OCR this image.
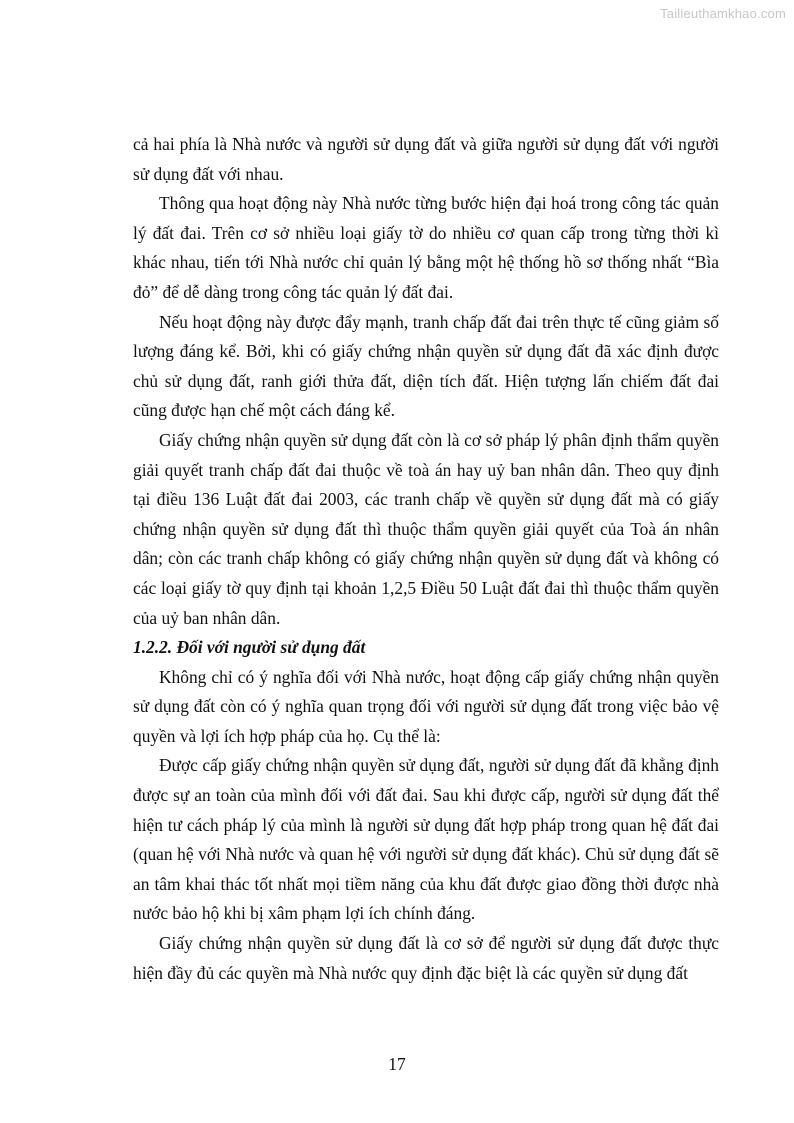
Tailieuthamkhao.com

cả hai phía là Nhà nước và người sử dụng đất và giữa người sử dụng đất với người sử dụng đất với nhau.

Thông qua hoạt động này Nhà nước từng bước hiện đại hoá trong công tác quản lý đất đai. Trên cơ sở nhiều loại giấy tờ do nhiều cơ quan cấp trong từng thời kì khác nhau, tiến tới Nhà nước chỉ quản lý bằng một hệ thống hồ sơ thống nhất “Bìa đỏ” để dễ dàng trong công tác quản lý đất đai.

Nếu hoạt động này được đẩy mạnh, tranh chấp đất đai trên thực tế cũng giảm số lượng đáng kể. Bởi, khi có giấy chứng nhận quyền sử dụng đất đã xác định được chủ sử dụng đất, ranh giới thửa đất, diện tích đất. Hiện tượng lấn chiếm đất đai cũng được hạn chế một cách đáng kể.

Giấy chứng nhận quyền sử dụng đất còn là cơ sở pháp lý phân định thẩm quyền giải quyết tranh chấp đất đai thuộc về toà án hay uỷ ban nhân dân. Theo quy định tại điều 136 Luật đất đai 2003, các tranh chấp về quyền sử dụng đất mà có giấy chứng nhận quyền sử dụng đất thì thuộc thẩm quyền giải quyết của Toà án nhân dân; còn các tranh chấp không có giấy chứng nhận quyền sử dụng đất và không có các loại giấy tờ quy định tại khoản 1,2,5 Điều 50 Luật đất đai thì thuộc thẩm quyền của uỷ ban nhân dân.

1.2.2. Đối với người sử dụng đất

Không chỉ có ý nghĩa đối với Nhà nước, hoạt động cấp giấy chứng nhận quyền sử dụng đất còn có ý nghĩa quan trọng đối với người sử dụng đất trong việc bảo vệ quyền và lợi ích hợp pháp của họ. Cụ thể là:

Được cấp giấy chứng nhận quyền sử dụng đất, người sử dụng đất đã khẳng định được sự an toàn của mình đối với đất đai. Sau khi được cấp, người sử dụng đất thể hiện tư cách pháp lý của mình là người sử dụng đất hợp pháp trong quan hệ đất đai (quan hệ với Nhà nước và quan hệ với người sử dụng đất khác). Chủ sử dụng đất sẽ an tâm khai thác tốt nhất mọi tiềm năng của khu đất được giao đồng thời được nhà nước bảo hộ khi bị xâm phạm lợi ích chính đáng.

Giấy chứng nhận quyền sử dụng đất là cơ sở để người sử dụng đất được thực hiện đầy đủ các quyền mà Nhà nước quy định đặc biệt là các quyền sử dụng đất

17
